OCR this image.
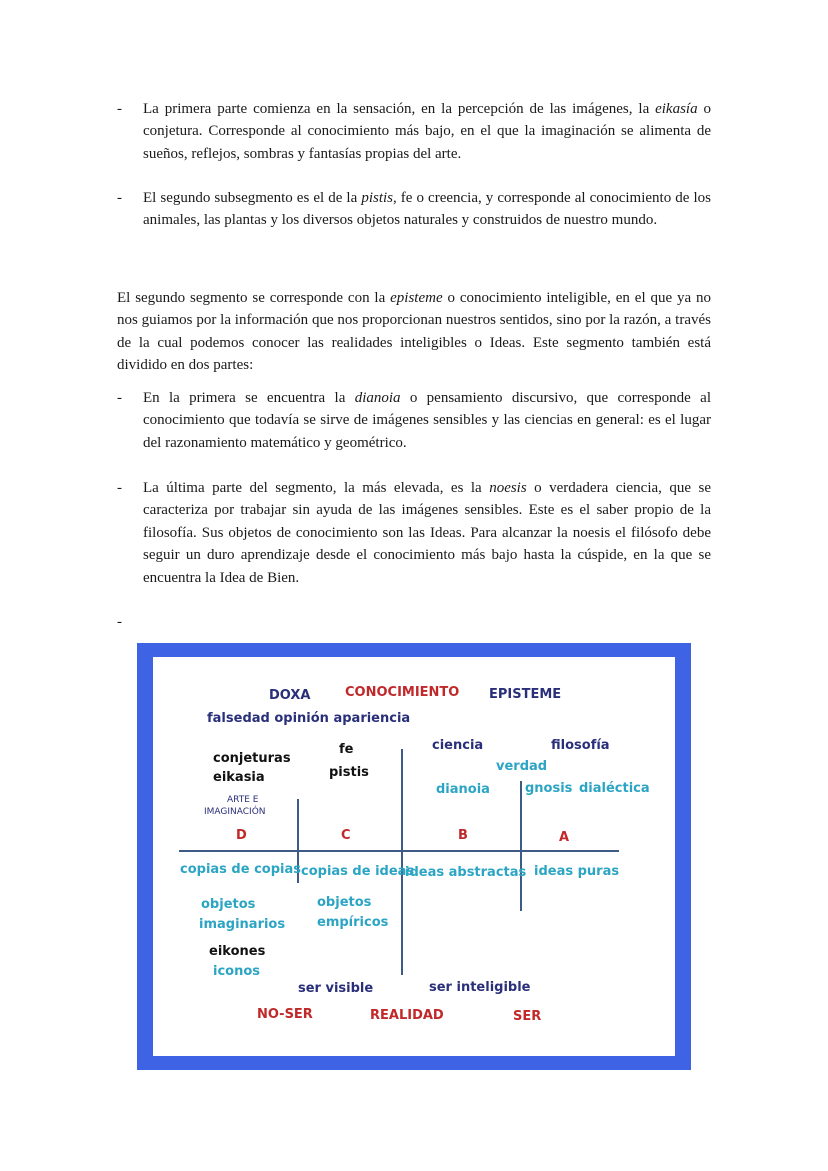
- La primera parte comienza en la sensación, en la percepción de las imágenes, la eikasía o conjetura. Corresponde al conocimiento más bajo, en el que la imaginación se alimenta de sueños, reflejos, sombras y fantasías propias del arte.
- El segundo subsegmento es el de la pistis, fe o creencia, y corresponde al conocimiento de los animales, las plantas y los diversos objetos naturales y construidos de nuestro mundo.

El segundo segmento se corresponde con la episteme o conocimiento inteligible, en el que ya no nos guiamos por la información que nos proporcionan nuestros sentidos, sino por la razón, a través de la cual podemos conocer las realidades inteligibles o Ideas. Este segmento también está dividido en dos partes:

- En la primera se encuentra la dianoia o pensamiento discursivo, que corresponde al conocimiento que todavía se sirve de imágenes sensibles y las ciencias en general: es el lugar del razonamiento matemático y geométrico.
- La última parte del segmento, la más elevada, es la noesis o verdadera ciencia, que se caracteriza por trabajar sin ayuda de las imágenes sensibles. Este es el saber propio de la filosofía. Sus objetos de conocimiento son las Ideas. Para alcanzar la noesis el filósofo debe seguir un duro aprendizaje desde el conocimiento más bajo hasta la cúspide, en la que se encuentra la Idea de Bien.
-
DOXA	CONOCIMIENTO EPISTEME
falsedad opinión apariencia
conjeturas
eikasia
fe
pistis
ciencia	filosofía
verdad
dianoia	gnosis dialéctica
ARTE E
IMAGINACIÓN
D	C	B	A
copias de copias copias de ideas
ideas abstractas ideas puras
objetos
imaginarios
objetos
empíricos
eikones
iconos
ser visible	ser inteligible
NO-SER	REALIDAD	SER
